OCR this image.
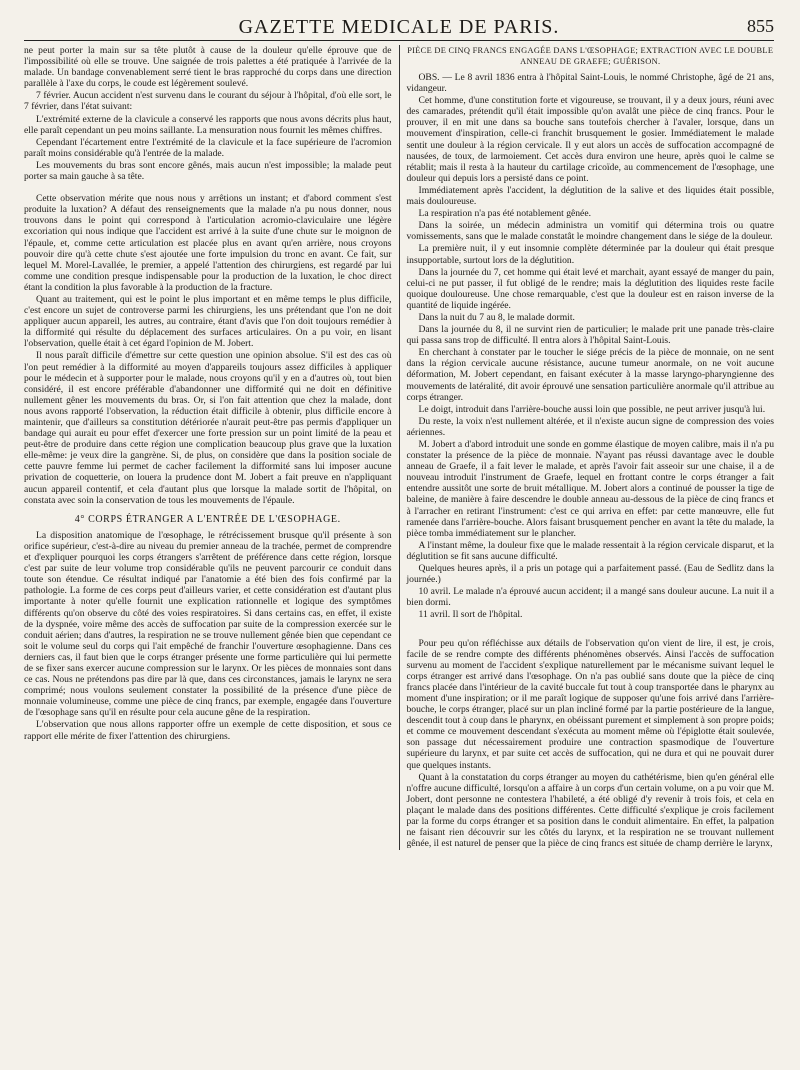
GAZETTE MEDICALE DE PARIS.	855

ne peut porter la main sur sa tête plutôt à cause de la douleur qu'elle éprouve que de l'impossibilité où elle se trouve. Une saignée de trois palettes a été pratiquée à l'arrivée de la malade. Un bandage convenablement serré tient le bras rapproché du corps dans une direction parallèle à l'axe du corps, le coude est légèrement soulevé.

7 février. Aucun accident n'est survenu dans le courant du séjour à l'hôpital, d'où elle sort, le 7 février, dans l'état suivant:

L'extrémité externe de la clavicule a conservé les rapports que nous avons décrits plus haut, elle paraît cependant un peu moins saillante. La mensuration nous fournit les mêmes chiffres.

Cependant l'écartement entre l'extrémité de la clavicule et la face supérieure de l'acromion paraît moins considérable qu'à l'entrée de la malade.

Les mouvements du bras sont encore gênés, mais aucun n'est impossible; la malade peut porter sa main gauche à sa tête.

Cette observation mérite que nous nous y arrêtions un instant; et d'abord comment s'est produite la luxation? A défaut des renseignements que la malade n'a pu nous donner, nous trouvons dans le point qui correspond à l'articulation acromio-claviculaire une légère excoriation qui nous indique que l'accident est arrivé à la suite d'une chute sur le moignon de l'épaule, et, comme cette articulation est placée plus en avant qu'en arrière, nous croyons pouvoir dire qu'à cette chute s'est ajoutée une forte impulsion du tronc en avant. Ce fait, sur lequel M. Morel-Lavallée, le premier, a appelé l'attention des chirurgiens, est regardé par lui comme une condition presque indispensable pour la production de la luxation, le choc direct étant la condition la plus favorable à la production de la fracture.

Quant au traitement, qui est le point le plus important et en même temps le plus difficile, c'est encore un sujet de controverse parmi les chirurgiens, les uns prétendant que l'on ne doit appliquer aucun appareil, les autres, au contraire, étant d'avis que l'on doit toujours remédier à la difformité qui résulte du déplacement des surfaces articulaires. On a pu voir, en lisant l'observation, quelle était à cet égard l'opinion de M. Jobert.

Il nous paraît difficile d'émettre sur cette question une opinion absolue. S'il est des cas où l'on peut remédier à la difformité au moyen d'appareils toujours assez difficiles à appliquer pour le médecin et à supporter pour le malade, nous croyons qu'il y en a d'autres où, tout bien considéré, il est encore préférable d'abandonner une difformité qui ne doit en définitive nullement gêner les mouvements du bras. Or, si l'on fait attention que chez la malade, dont nous avons rapporté l'observation, la réduction était difficile à obtenir, plus difficile encore à maintenir, que d'ailleurs sa constitution détériorée n'aurait peut-être pas permis d'appliquer un bandage qui aurait eu pour effet d'exercer une forte pression sur un point limité de la peau et peut-être de produire dans cette région une complication beaucoup plus grave que la luxation elle-même: je veux dire la gangrène. Si, de plus, on considère que dans la position sociale de cette pauvre femme lui permet de cacher facilement la difformité sans lui imposer aucune privation de coquetterie, on louera la prudence dont M. Jobert a fait preuve en n'appliquant aucun appareil contentif, et cela d'autant plus que lorsque la malade sortit de l'hôpital, on constata avec soin la conservation de tous les mouvements de l'épaule.

4° CORPS ÉTRANGER A L'ENTRÉE DE L'ŒSOPHAGE.

La disposition anatomique de l'œsophage, le rétrécissement brusque qu'il présente à son orifice supérieur, c'est-à-dire au niveau du premier anneau de la trachée, permet de comprendre et d'expliquer pourquoi les corps étrangers s'arrêtent de préférence dans cette région, lorsque c'est par suite de leur volume trop considérable qu'ils ne peuvent parcourir ce conduit dans toute son étendue. Ce résultat indiqué par l'anatomie a été bien des fois confirmé par la pathologie. La forme de ces corps peut d'ailleurs varier, et cette considération est d'autant plus importante à noter qu'elle fournit une explication rationnelle et logique des symptômes différents qu'on observe du côté des voies respiratoires. Si dans certains cas, en effet, il existe de la dyspnée, voire même des accès de suffocation par suite de la compression exercée sur le conduit aérien; dans d'autres, la respiration ne se trouve nullement gênée bien que cependant ce soit le volume seul du corps qui l'ait empêché de franchir l'ouverture œsophagienne. Dans ces derniers cas, il faut bien que le corps étranger présente une forme particulière qui lui permette de se fixer sans exercer aucune compression sur le larynx. Or les pièces de monnaies sont dans ce cas. Nous ne prétendons pas dire par là que, dans ces circonstances, jamais le larynx ne sera comprimé; nous voulons seulement constater la possibilité de la présence d'une pièce de monnaie volumineuse, comme une pièce de cinq francs, par exemple, engagée dans l'ouverture de l'œsophage sans qu'il en résulte pour cela aucune gêne de la respiration.

L'observation que nous allons rapporter offre un exemple de cette disposition, et sous ce rapport elle mérite de fixer l'attention des chirurgiens.

PIÈCE DE CINQ FRANCS ENGAGÉE DANS L'ŒSOPHAGE; EXTRACTION AVEC LE DOUBLE ANNEAU DE GRAEFE; GUÉRISON.

OBS. — Le 8 avril 1836 entra à l'hôpital Saint-Louis, le nommé Christophe, âgé de 21 ans, vidangeur.

Cet homme, d'une constitution forte et vigoureuse, se trouvant, il y a deux jours, réuni avec des camarades, prétendit qu'il était impossible qu'on avalât une pièce de cinq francs. Pour le prouver, il en mit une dans sa bouche sans toutefois chercher à l'avaler, lorsque, dans un mouvement d'inspiration, celle-ci franchit brusquement le gosier. Immédiatement le malade sentit une douleur à la région cervicale. Il y eut alors un accès de suffocation accompagné de nausées, de toux, de larmoiement. Cet accès dura environ une heure, après quoi le calme se rétablit; mais il resta à la hauteur du cartilage cricoïde, au commencement de l'œsophage, une douleur qui depuis lors a persisté dans ce point.

Immédiatement après l'accident, la déglutition de la salive et des liquides était possible, mais douloureuse.

La respiration n'a pas été notablement gênée.

Dans la soirée, un médecin administra un vomitif qui détermina trois ou quatre vomissements, sans que le malade constatât le moindre changement dans le siége de la douleur.

La première nuit, il y eut insomnie complète déterminée par la douleur qui était presque insupportable, surtout lors de la déglutition.

Dans la journée du 7, cet homme qui était levé et marchait, ayant essayé de manger du pain, celui-ci ne put passer, il fut obligé de le rendre; mais la déglutition des liquides reste facile quoique douloureuse. Une chose remarquable, c'est que la douleur est en raison inverse de la quantité de liquide ingérée.

Dans la nuit du 7 au 8, le malade dormit.

Dans la journée du 8, il ne survint rien de particulier; le malade prit une panade très-claire qui passa sans trop de difficulté. Il entra alors à l'hôpital Saint-Louis.

En cherchant à constater par le toucher le siége précis de la pièce de monnaie, on ne sent dans la région cervicale aucune résistance, aucune tumeur anormale, on ne voit aucune déformation, M. Jobert cependant, en faisant exécuter à la masse laryngo-pharyngienne des mouvements de latéralité, dit avoir éprouvé une sensation particulière anormale qu'il attribue au corps étranger.

Le doigt, introduit dans l'arrière-bouche aussi loin que possible, ne peut arriver jusqu'à lui.

Du reste, la voix n'est nullement altérée, et il n'existe aucun signe de compression des voies aériennes.

M. Jobert a d'abord introduit une sonde en gomme élastique de moyen calibre, mais il n'a pu constater la présence de la pièce de monnaie. N'ayant pas réussi davantage avec le double anneau de Graefe, il a fait lever le malade, et après l'avoir fait asseoir sur une chaise, il a de nouveau introduit l'instrument de Graefe, lequel en frottant contre le corps étranger a fait entendre aussitôt une sorte de bruit métallique. M. Jobert alors a continué de pousser la tige de baleine, de manière à faire descendre le double anneau au-dessous de la pièce de cinq francs et à l'arracher en retirant l'instrument: c'est ce qui arriva en effet: par cette manœuvre, elle fut ramenée dans l'arrière-bouche. Alors faisant brusquement pencher en avant la tête du malade, la pièce tomba immédiatement sur le plancher.

A l'instant même, la douleur fixe que le malade ressentait à la région cervicale disparut, et la déglutition se fit sans aucune difficulté.

Quelques heures après, il a pris un potage qui a parfaitement passé. (Eau de Sedlitz dans la journée.)

10 avril. Le malade n'a éprouvé aucun accident; il a mangé sans douleur aucune. La nuit il a bien dormi.

11 avril. Il sort de l'hôpital.

Pour peu qu'on réfléchisse aux détails de l'observation qu'on vient de lire, il est, je crois, facile de se rendre compte des différents phénomènes observés. Ainsi l'accès de suffocation survenu au moment de l'accident s'explique naturellement par le mécanisme suivant lequel le corps étranger est arrivé dans l'œsophage. On n'a pas oublié sans doute que la pièce de cinq francs placée dans l'intérieur de la cavité buccale fut tout à coup transportée dans le pharynx au moment d'une inspiration; or il me paraît logique de supposer qu'une fois arrivé dans l'arrière-bouche, le corps étranger, placé sur un plan incliné formé par la partie postérieure de la langue, descendit tout à coup dans le pharynx, en obéissant purement et simplement à son propre poids; et comme ce mouvement descendant s'exécuta au moment même où l'épiglotte était soulevée, son passage dut nécessairement produire une contraction spasmodique de l'ouverture supérieure du larynx, et par suite cet accès de suffocation, qui ne dura et qui ne pouvait durer que quelques instants.

Quant à la constatation du corps étranger au moyen du cathétérisme, bien qu'en général elle n'offre aucune difficulté, lorsqu'on a affaire à un corps d'un certain volume, on a pu voir que M. Jobert, dont personne ne contestera l'habileté, a été obligé d'y revenir à trois fois, et cela en plaçant le malade dans des positions différentes. Cette difficulté s'explique je crois facilement par la forme du corps étranger et sa position dans le conduit alimentaire. En effet, la palpation ne faisant rien découvrir sur les côtés du larynx, et la respiration ne se trouvant nullement gênée, il est naturel de penser que la pièce de cinq francs est située de champ derrière le larynx,
